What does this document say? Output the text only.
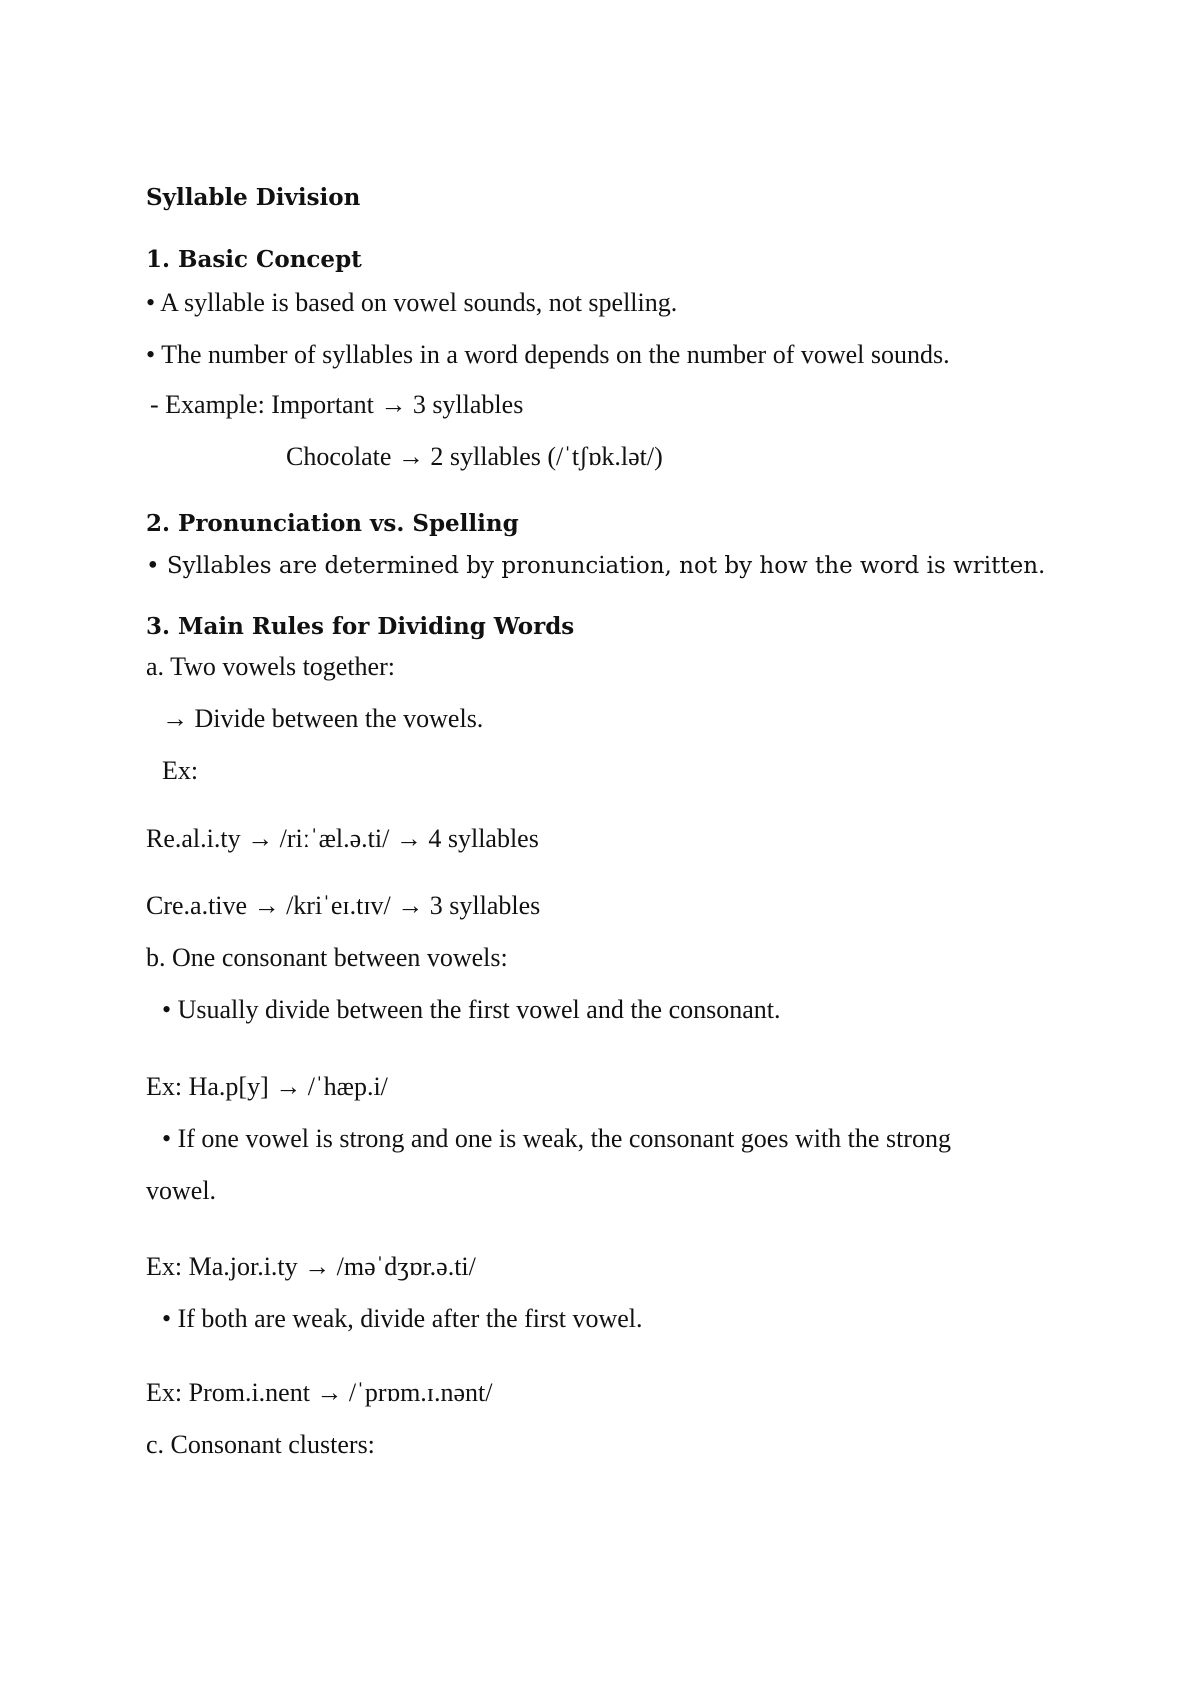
Syllable Division
1. Basic Concept
• A syllable is based on vowel sounds, not spelling.
• The number of syllables in a word depends on the number of vowel sounds.
- Example: Important → 3 syllables
Chocolate → 2 syllables (/ˈtʃɒk.lət/)
2. Pronunciation vs. Spelling
• Syllables are determined by pronunciation, not by how the word is written.
3. Main Rules for Dividing Words
a. Two vowels together:
→ Divide between the vowels.
Ex:
Re.al.i.ty → /riːˈæl.ə.ti/ → 4 syllables
Cre.a.tive → /kriˈeɪ.tɪv/ → 3 syllables
b. One consonant between vowels:
• Usually divide between the first vowel and the consonant.
Ex: Ha.p[y] → /ˈhæp.i/
• If one vowel is strong and one is weak, the consonant goes with the strong
vowel.
Ex: Ma.jor.i.ty → /məˈdʒɒr.ə.ti/
• If both are weak, divide after the first vowel.
Ex: Prom.i.nent → /ˈprɒm.ɪ.nənt/
c. Consonant clusters:
